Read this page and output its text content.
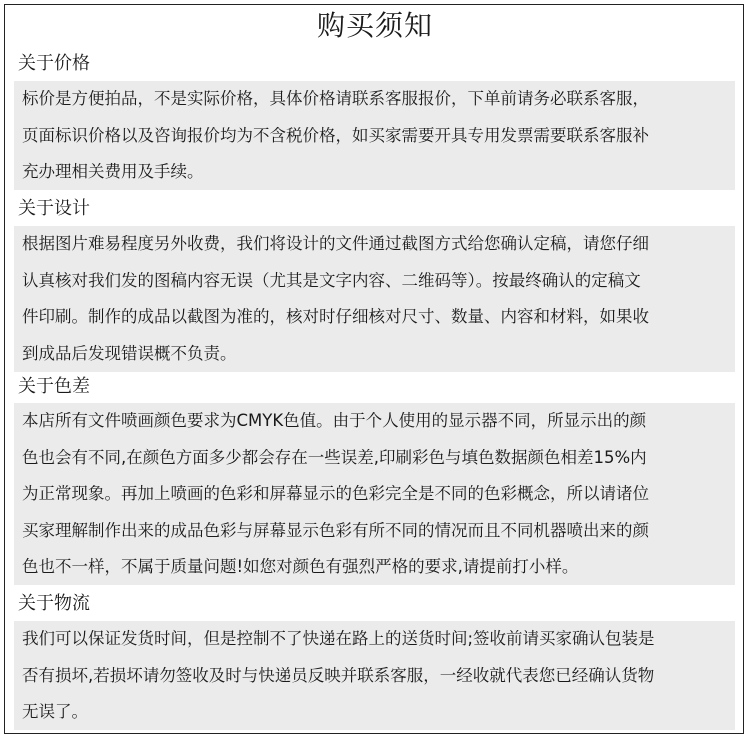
购买须知
关于价格
标价是方便拍品，不是实际价格，具体价格请联系客服报价，下单前请务必联系客服，
页面标识价格以及咨询报价均为不含税价格，如买家需要开具专用发票需要联系客服补
充办理相关费用及手续。
关于设计
根据图片难易程度另外收费，我们将设计的文件通过截图方式给您确认定稿，请您仔细
认真核对我们发的图稿内容无误（尤其是文字内容、二维码等）。按最终确认的定稿文
件印刷。制作的成品以截图为准的，核对时仔细核对尺寸、数量、内容和材料，如果收
到成品后发现错误概不负责。
关于色差
本店所有文件喷画颜色要求为CMYK色值。由于个人使用的显示器不同，所显示出的颜
色也会有不同,在颜色方面多少都会存在一些误差,印刷彩色与填色数据颜色相差15%内
为正常现象。再加上喷画的色彩和屏幕显示的色彩完全是不同的色彩概念，所以请诸位
买家理解制作出来的成品色彩与屏幕显示色彩有所不同的情况而且不同机器喷出来的颜
色也不一样，不属于质量问题!如您对颜色有强烈严格的要求,请提前打小样。
关于物流
我们可以保证发货时间，但是控制不了快递在路上的送货时间;签收前请买家确认包装是
否有损坏,若损坏请勿签收及时与快递员反映并联系客服，一经收就代表您已经确认货物
无误了。
